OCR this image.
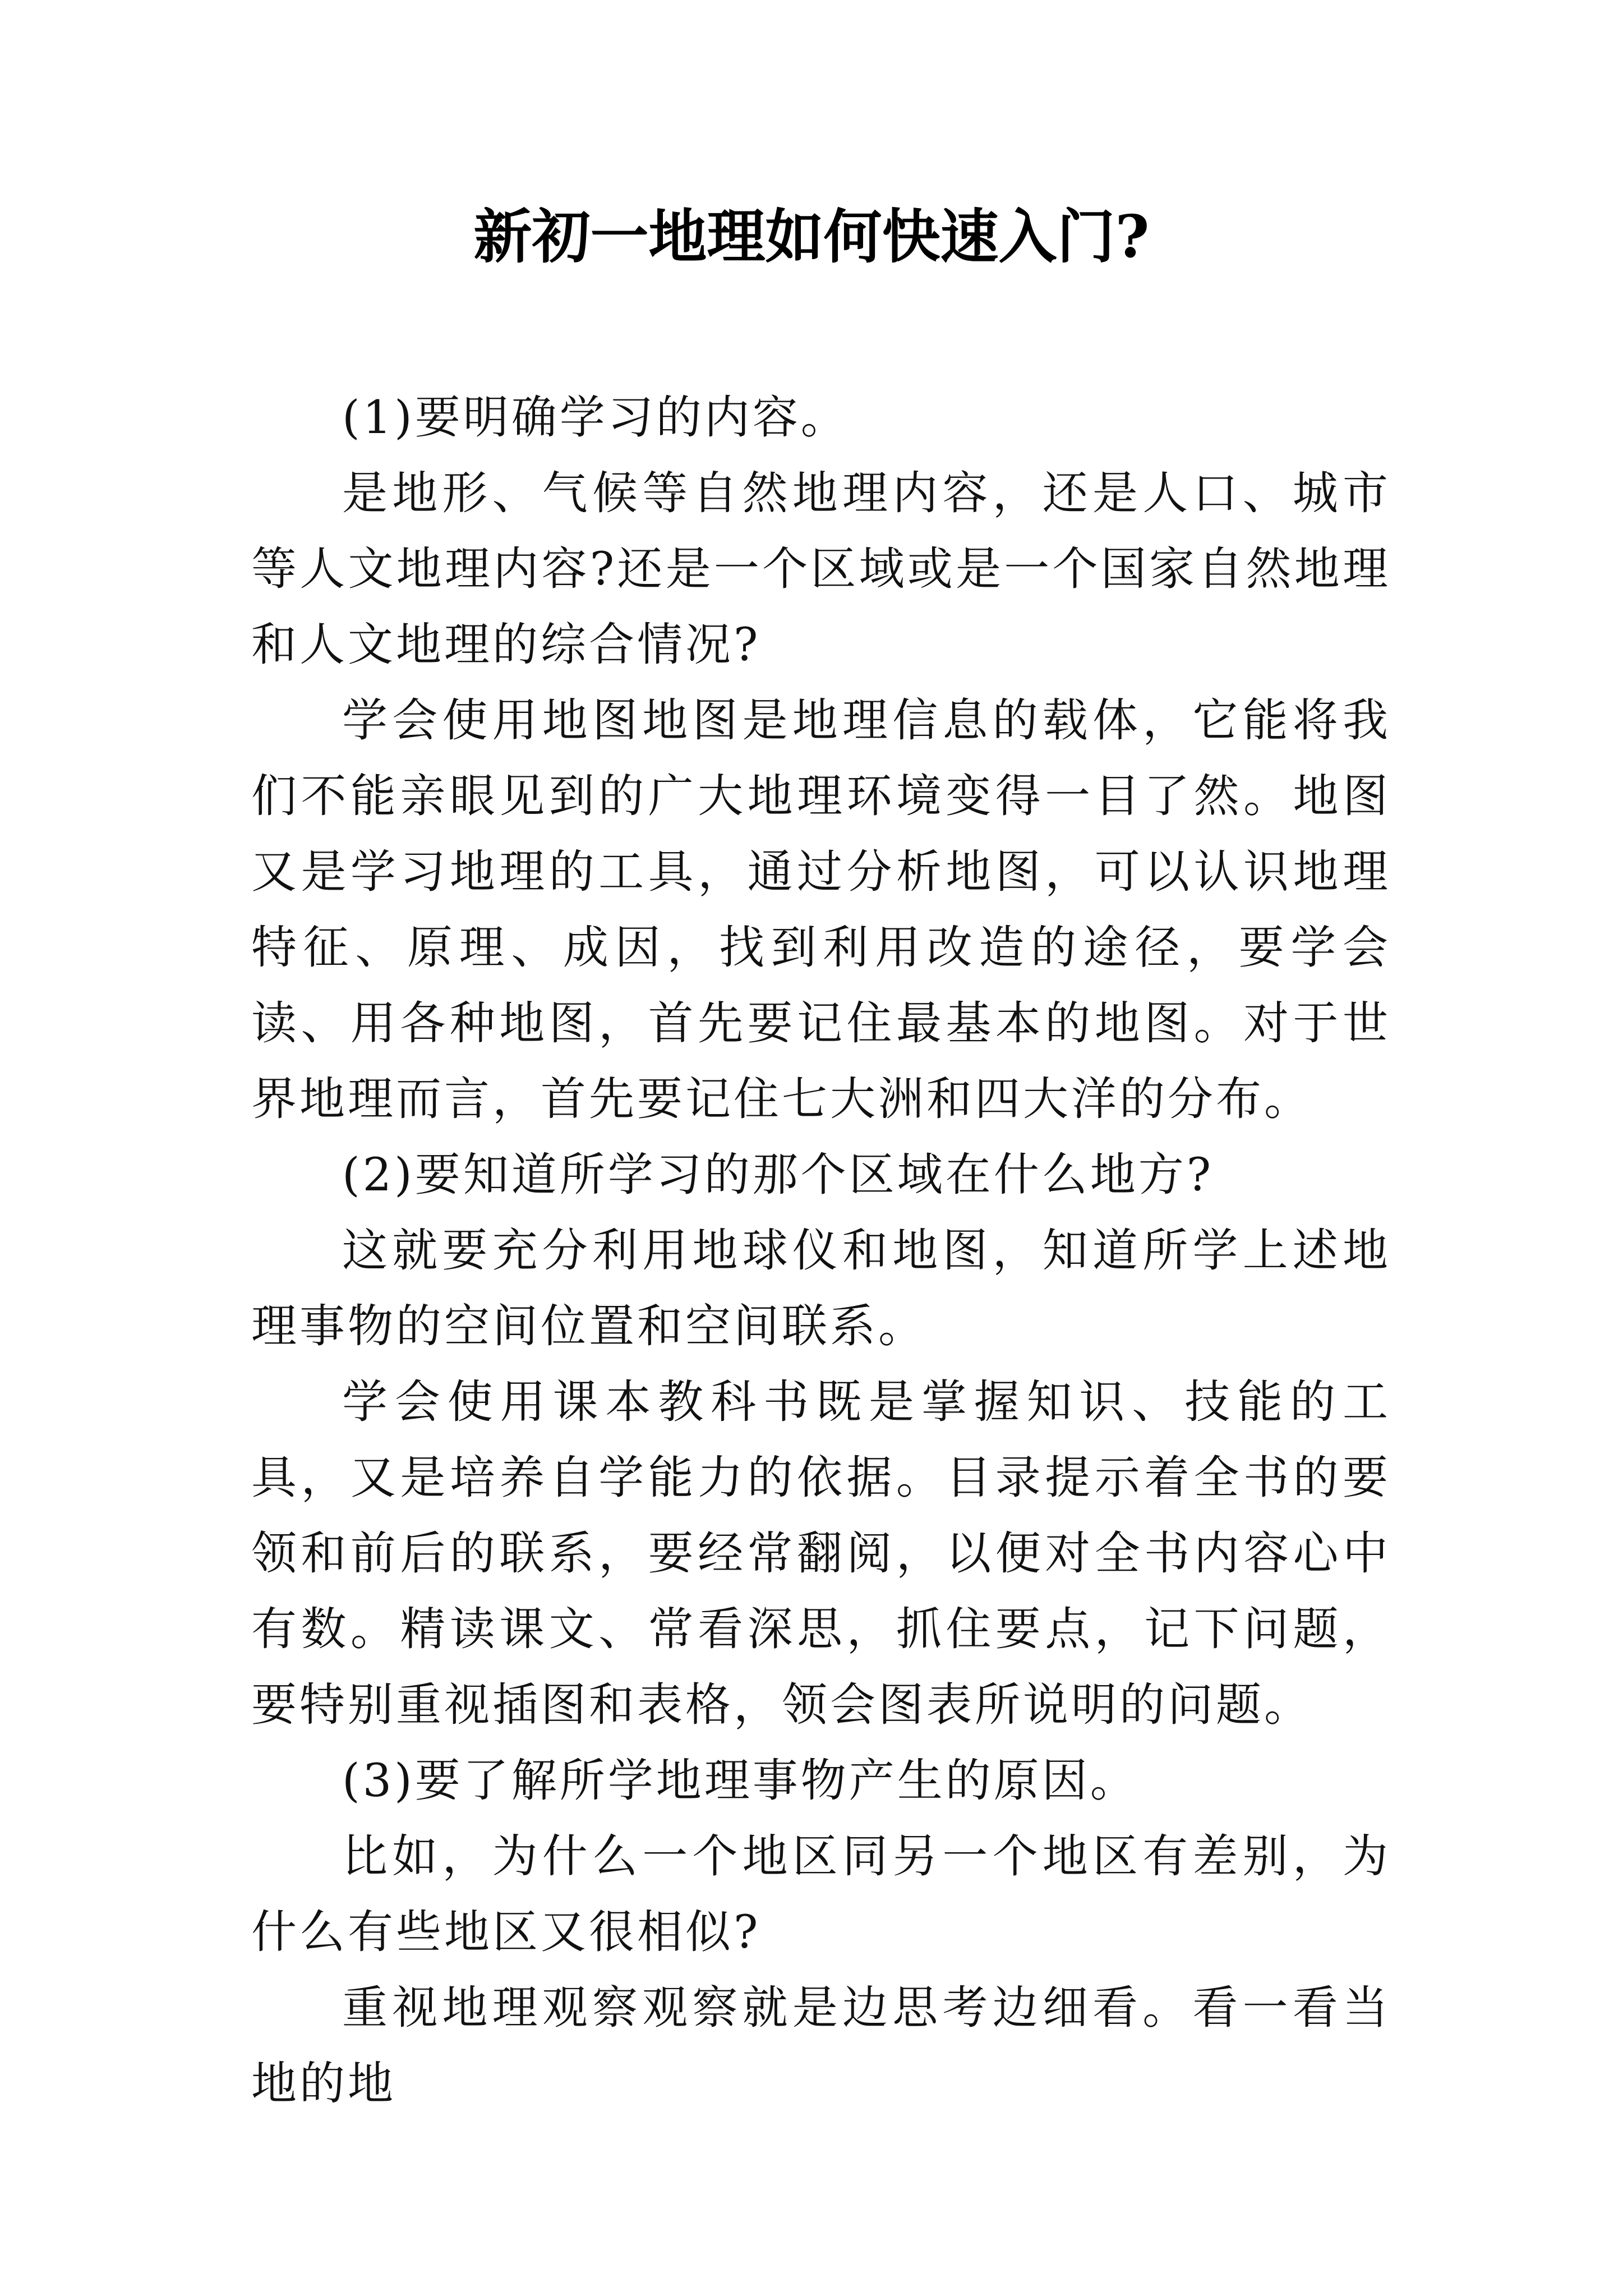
新初一地理如何快速入门?

(1)要明确学习的内容。

是地形、气候等自然地理内容，还是人口、城市等人文地理内容?还是一个区域或是一个国家自然地理和人文地理的综合情况?

学会使用地图地图是地理信息的载体，它能将我们不能亲眼见到的广大地理环境变得一目了然。地图又是学习地理的工具，通过分析地图，可以认识地理特征、原理、成因，找到利用改造的途径，要学会读、用各种地图，首先要记住最基本的地图。对于世界地理而言，首先要记住七大洲和四大洋的分布。

(2)要知道所学习的那个区域在什么地方?

这就要充分利用地球仪和地图，知道所学上述地理事物的空间位置和空间联系。

学会使用课本教科书既是掌握知识、技能的工具，又是培养自学能力的依据。目录提示着全书的要领和前后的联系，要经常翻阅，以便对全书内容心中有数。精读课文、常看深思，抓住要点，记下问题，要特别重视插图和表格，领会图表所说明的问题。

(3)要了解所学地理事物产生的原因。

比如，为什么一个地区同另一个地区有差别，为什么有些地区又很相似?

重视地理观察观察就是边思考边细看。看一看当地的地
